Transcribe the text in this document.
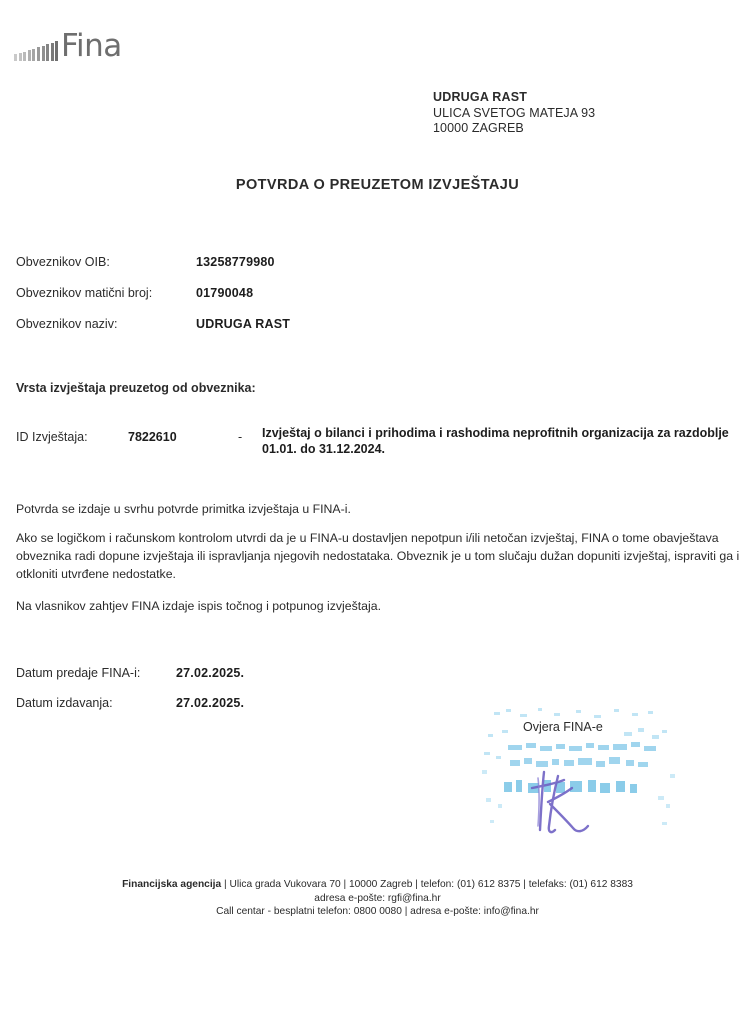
Fina
UDRUGA RAST
ULICA SVETOG MATEJA 93
10000 ZAGREB
POTVRDA O PREUZETOM IZVJEŠTAJU
Obveznikov OIB:	13258779980
Obveznikov matični broj:	01790048
Obveznikov naziv:	UDRUGA RAST
Vrsta izvještaja preuzetog od obveznika:
ID Izvještaja:	7822610	-	Izvještaj o bilanci i prihodima i rashodima neprofitnih organizacija za razdoblje 01.01. do 31.12.2024.
Potvrda se izdaje u svrhu potvrde primitka izvještaja u FINA-i.
Ako se logičkom i računskom kontrolom utvrdi da je u FINA-u dostavljen nepotpun i/ili netočan izvještaj, FINA o tome obavještava obveznika radi dopune izvještaja ili ispravljanja njegovih nedostataka. Obveznik je u tom slučaju dužan dopuniti izvještaj, ispraviti ga i otkloniti utvrđene nedostatke.
Na vlasnikov zahtjev FINA izdaje ispis točnog i potpunog izvještaja.
Datum predaje FINA-i:	27.02.2025.
Datum izdavanja:	27.02.2025.
Ovjera FINA-e
Financijska agencija | Ulica grada Vukovara 70 | 10000 Zagreb | telefon: (01) 612 8375 | telefaks: (01) 612 8383
adresa e-pošte: rgfi@fina.hr
Call centar - besplatni telefon: 0800 0080 | adresa e-pošte: info@fina.hr
